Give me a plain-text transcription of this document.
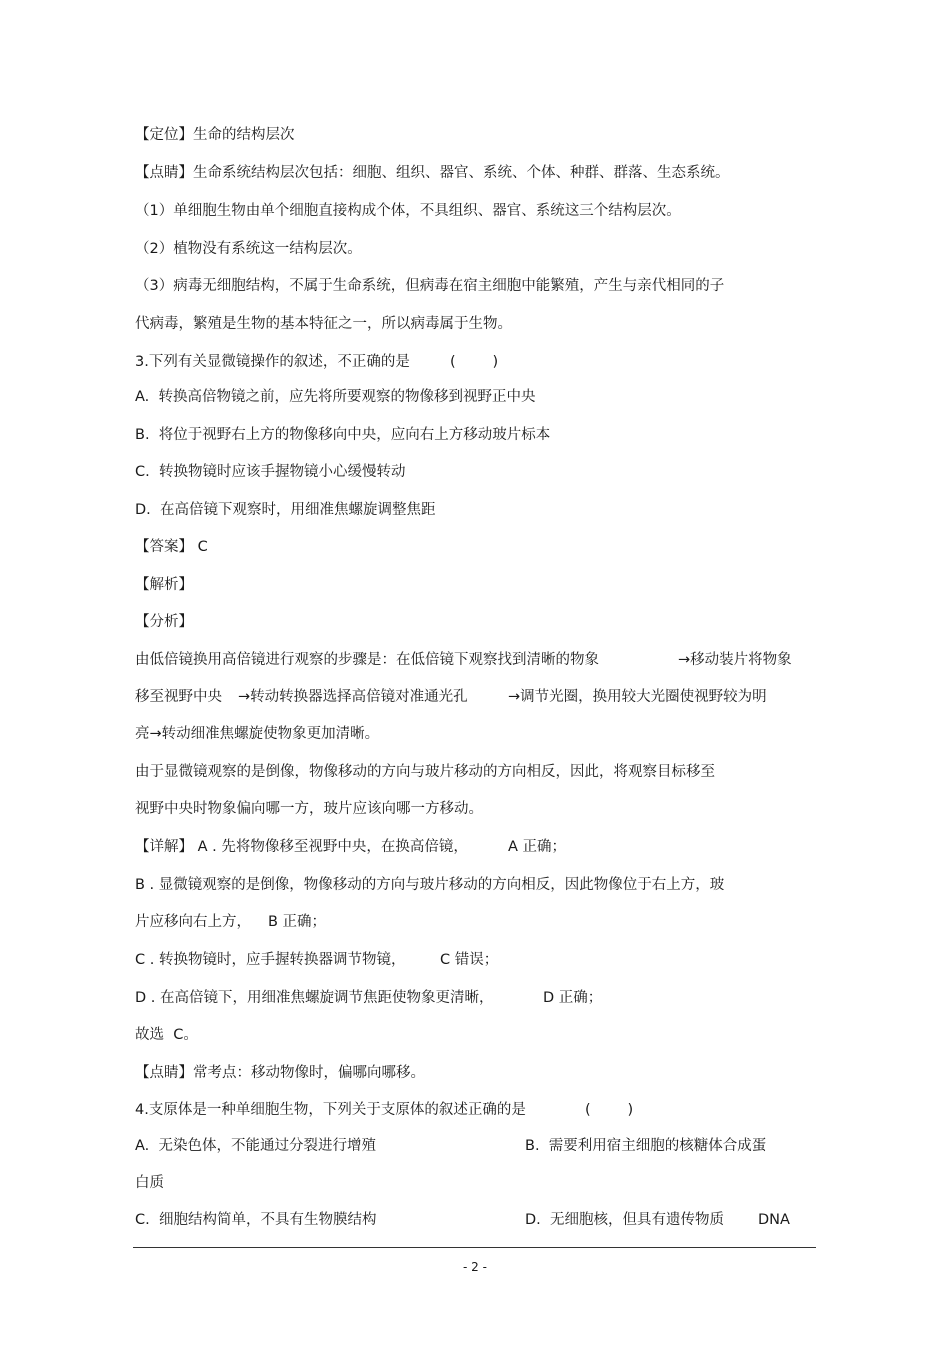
【定位】生命的结构层次
【点睛】生命系统结构层次包括：细胞、组织、器官、系统、个体、种群、群落、生态系统。
（1）单细胞生物由单个细胞直接构成个体，不具组织、器官、系统这三个结构层次。
（2）植物没有系统这一结构层次。
（3）病毒无细胞结构，不属于生命系统，但病毒在宿主细胞中能繁殖，产生与亲代相同的子
代病毒，繁殖是生物的基本特征之一，所以病毒属于生物。
3.下列有关显微镜操作的叙述，不正确的是	(        )
A.  转换高倍物镜之前，应先将所要观察的物像移到视野正中央
B.  将位于视野右上方的物像移向中央，应向右上方移动玻片标本
C.  转换物镜时应该手握物镜小心缓慢转动
D.  在高倍镜下观察时，用细准焦螺旋调整焦距
【答案】 C
【解析】
【分析】
由低倍镜换用高倍镜进行观察的步骤是：在低倍镜下观察找到清晰的物象	→移动装片将物象
移至视野中央 →转动转换器选择高倍镜对准通光孔	→调节光圈，换用较大光圈使视野较为明
亮→转动细准焦螺旋使物象更加清晰。
由于显微镜观察的是倒像，物像移动的方向与玻片移动的方向相反，因此，将观察目标移至
视野中央时物象偏向哪一方，玻片应该向哪一方移动。
【详解】 A . 先将物像移至视野中央，在换高倍镜，	A 正确；
B . 显微镜观察的是倒像，物像移动的方向与玻片移动的方向相反，因此物像位于右上方，玻
片应移向右上方， B 正确；
C . 转换物镜时，应手握转换器调节物镜， C 错误；
D . 在高倍镜下，用细准焦螺旋调节焦距使物象更清晰，	D 正确；
故选  C。
【点睛】常考点：移动物像时，偏哪向哪移。
4.支原体是一种单细胞生物，下列关于支原体的叙述正确的是	(        )
A.  无染色体，不能通过分裂进行增殖	B.  需要利用宿主细胞的核糖体合成蛋
白质
C.  细胞结构简单，不具有生物膜结构	D.  无细胞核，但具有遗传物质 DNA
- 2 -
